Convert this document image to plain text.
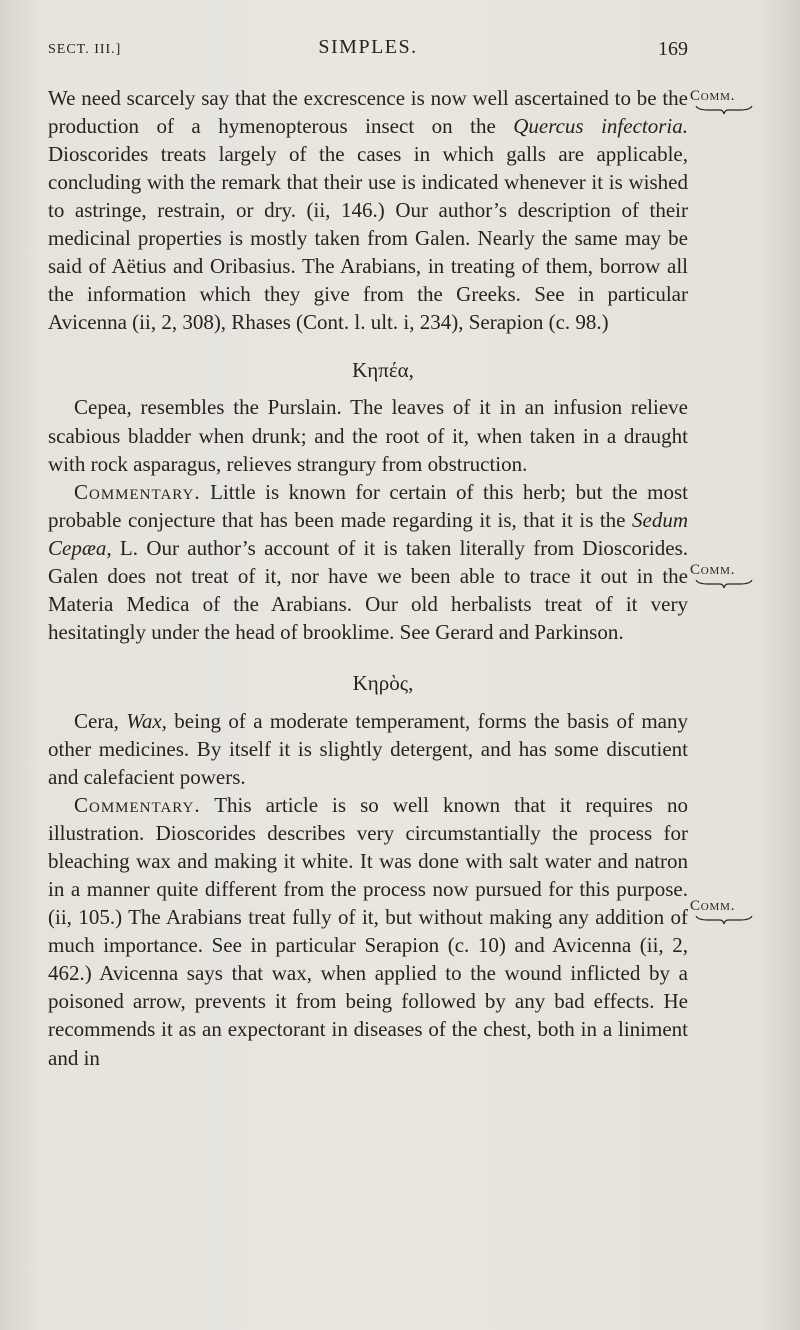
SECT. III.]	SIMPLES.	169

We need scarcely say that the excrescence is now well ascertained to be the production of a hymenopterous insect on the Quercus infectoria. Dioscorides treats largely of the cases in which galls are applicable, concluding with the remark that their use is indicated whenever it is wished to astringe, restrain, or dry. (ii, 146.) Our author’s description of their medicinal properties is mostly taken from Galen. Nearly the same may be said of Aëtius and Oribasius. The Arabians, in treating of them, borrow all the information which they give from the Greeks. See in particular Avicenna (ii, 2, 308), Rhases (Cont. l. ult. i, 234), Serapion (c. 98.)

Κηπέα,

Cepea, resembles the Purslain. The leaves of it in an infusion relieve scabious bladder when drunk; and the root of it, when taken in a draught with rock asparagus, relieves strangury from obstruction.

Commentary. Little is known for certain of this herb; but the most probable conjecture that has been made regarding it is, that it is the Sedum Cepæa, L. Our author’s account of it is taken literally from Dioscorides. Galen does not treat of it, nor have we been able to trace it out in the Materia Medica of the Arabians. Our old herbalists treat of it very hesitatingly under the head of brooklime. See Gerard and Parkinson.

Κηρὸς,

Cera, Wax, being of a moderate temperament, forms the basis of many other medicines. By itself it is slightly detergent, and has some discutient and calefacient powers.

Commentary. This article is so well known that it requires no illustration. Dioscorides describes very circumstantially the process for bleaching wax and making it white. It was done with salt water and natron in a manner quite different from the process now pursued for this purpose. (ii, 105.) The Arabians treat fully of it, but without making any addition of much importance. See in particular Serapion (c. 10) and Avicenna (ii, 2, 462.) Avicenna says that wax, when applied to the wound inflicted by a poisoned arrow, prevents it from being followed by any bad effects. He recommends it as an expectorant in diseases of the chest, both in a liniment and in

Comm.
Comm.
Comm.
